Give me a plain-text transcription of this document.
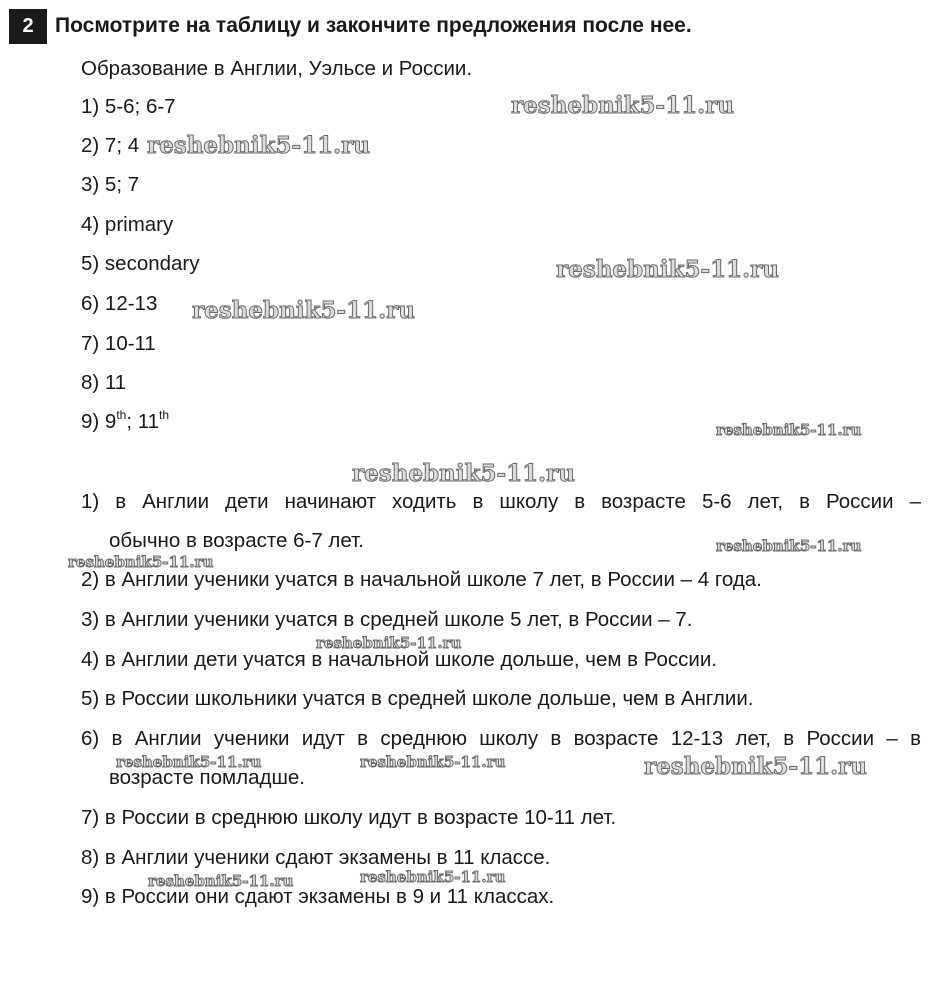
2	Посмотрите на таблицу и закончите предложения после нее.
Образование в Англии, Уэльсе и России.
1) 5-6; 6-7
2) 7; 4
3) 5; 7
4) primary
5) secondary
6) 12-13
7) 10-11
8) 11
9) 9th; 11th
1) в Англии дети начинают ходить в школу в возрасте 5-6 лет, в России –
обычно в возрасте 6-7 лет.
2) в Англии ученики учатся в начальной школе 7 лет, в России – 4 года.
3) в Англии ученики учатся в средней школе 5 лет, в России – 7.
4) в Англии дети учатся в начальной школе дольше, чем в России.
5) в России школьники учатся в средней школе дольше, чем в Англии.
6) в Англии ученики идут в среднюю школу в возрасте 12-13 лет, в России – в
возрасте помладше.
7) в России в среднюю школу идут в возрасте 10-11 лет.
8) в Англии ученики сдают экзамены в 11 классе.
9) в России они сдают экзамены в 9 и 11 классах.
reshebnik5-11.ru
reshebnik5-11.ru
reshebnik5-11.ru
reshebnik5-11.ru
reshebnik5-11.ru
reshebnik5-11.ru
reshebnik5-11.ru
reshebnik5-11.ru
reshebnik5-11.ru
reshebnik5-11.ru	reshebnik5-11.ru	reshebnik5-11.ru
reshebnik5-11.ru	reshebnik5-11.ru
